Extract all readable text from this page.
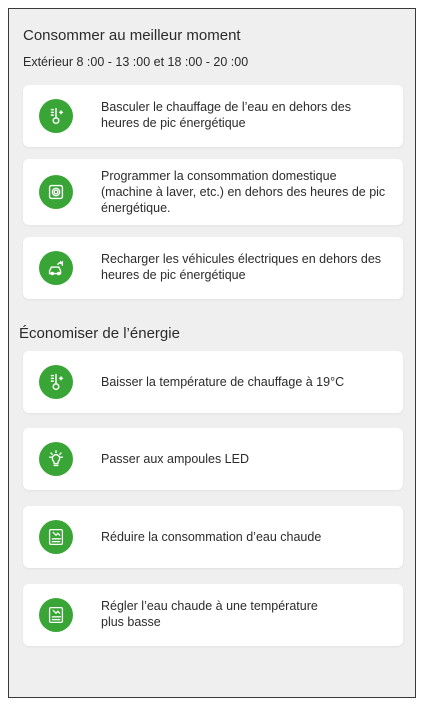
Consommer au meilleur moment
Extérieur 8 :00 - 13 :00 et 18 :00 - 20 :00
Basculer le chauffage de l’eau en dehors des heures de pic énergétique
Programmer la consommation domestique (machine à laver, etc.) en dehors des heures de pic énergétique.
Recharger les véhicules électriques en dehors des heures de pic énergétique
Économiser de l’énergie
Baisser la température de chauffage à 19°C
Passer aux ampoules LED
Réduire la consommation d’eau chaude
Régler l’eau chaude à une température plus basse
